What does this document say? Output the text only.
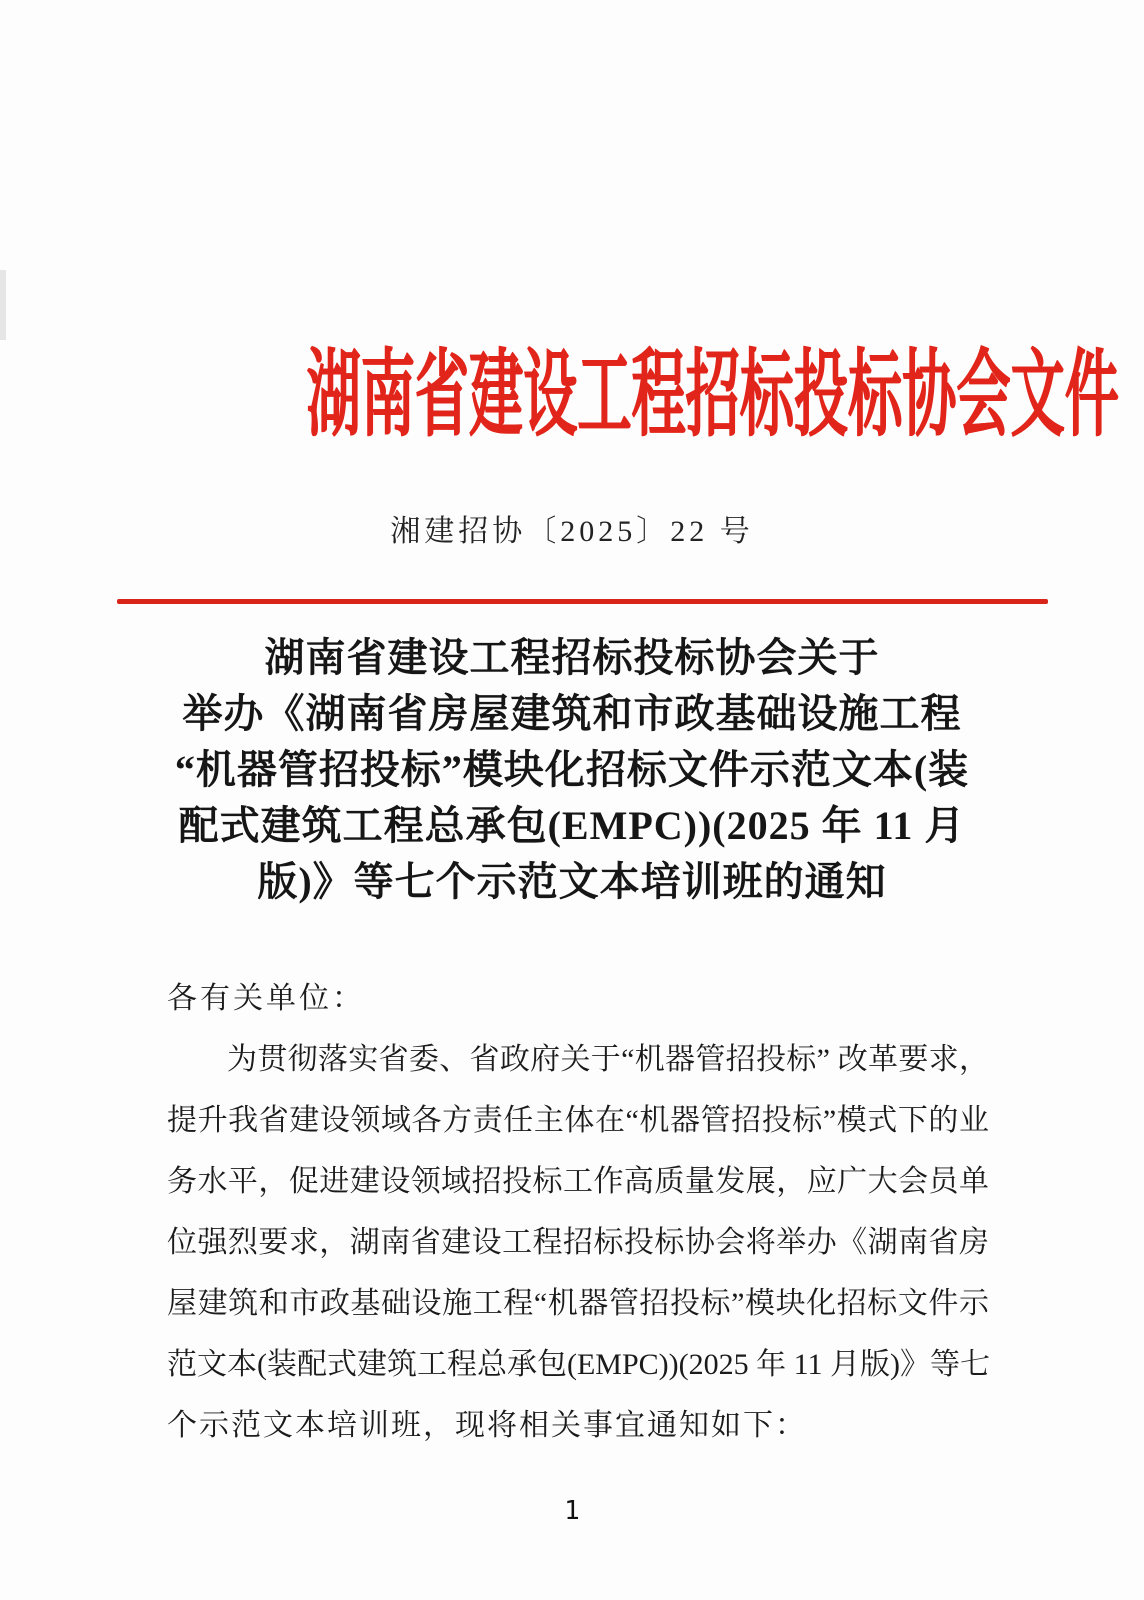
湖南省建设工程招标投标协会文件
湘建招协〔2025〕22 号
湖南省建设工程招标投标协会关于
举办《湖南省房屋建筑和市政基础设施工程
“机器管招投标”模块化招标文件示范文本(装
配式建筑工程总承包(EMPC))(2025 年 11 月
版)》等七个示范文本培训班的通知
各有关单位：
为贯彻落实省委、省政府关于“机器管招投标” 改革要求，
提升我省建设领域各方责任主体在“机器管招投标”模式下的业
务水平，促进建设领域招投标工作高质量发展，应广大会员单
位强烈要求，湖南省建设工程招标投标协会将举办《湖南省房
屋建筑和市政基础设施工程“机器管招投标”模块化招标文件示
范文本(装配式建筑工程总承包(EMPC))(2025 年 11 月版)》等七
个示范文本培训班，现将相关事宜通知如下：
1
